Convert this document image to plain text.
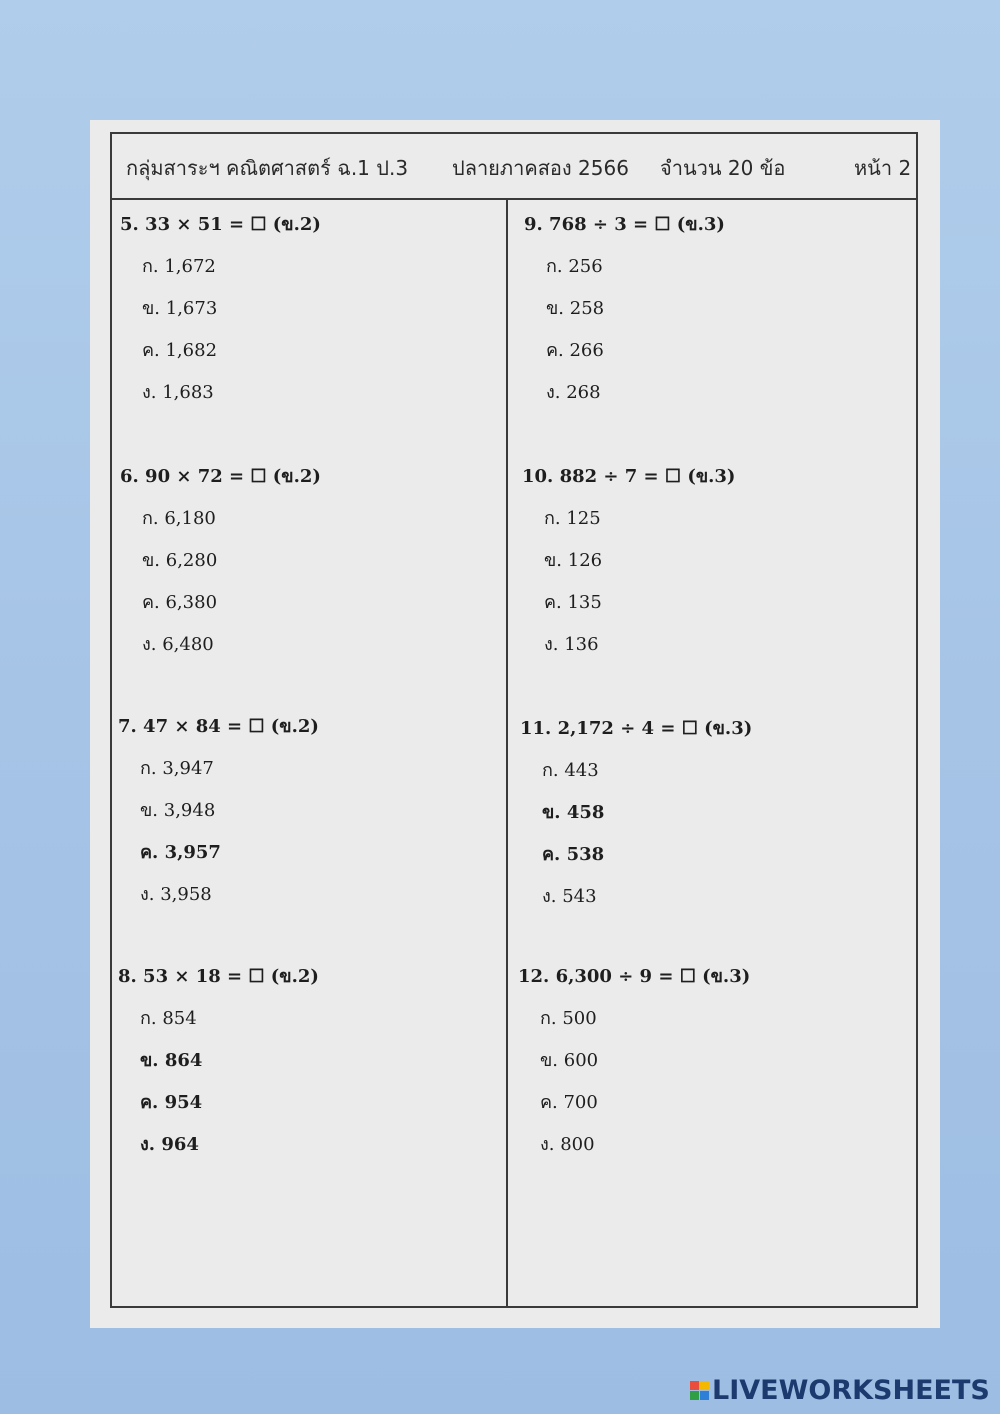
กลุ่มสาระฯ คณิตศาสตร์ ฉ.1 ป.3 ปลายภาคสอง 2566 จำนวน 20 ข้อ	หน้า 2
5. 33 × 51 = ☐ (ข.2)
ก. 1,672
ข. 1,673
ค. 1,682
ง. 1,683
6. 90 × 72 = ☐ (ข.2)
ก. 6,180
ข. 6,280
ค. 6,380
ง. 6,480
7. 47 × 84 = ☐ (ข.2)
ก. 3,947
ข. 3,948
ค. 3,957
ง. 3,958
8. 53 × 18 = ☐ (ข.2)
ก. 854
ข. 864
ค. 954
ง. 964
9. 768 ÷ 3 = ☐ (ข.3)
ก. 256
ข. 258
ค. 266
ง. 268
10. 882 ÷ 7 = ☐ (ข.3)
ก. 125
ข. 126
ค. 135
ง. 136
11. 2,172 ÷ 4 = ☐ (ข.3)
ก. 443
ข. 458
ค. 538
ง. 543
12. 6,300 ÷ 9 = ☐ (ข.3)
ก. 500
ข. 600
ค. 700
ง. 800
LIVEWORKSHEETS
